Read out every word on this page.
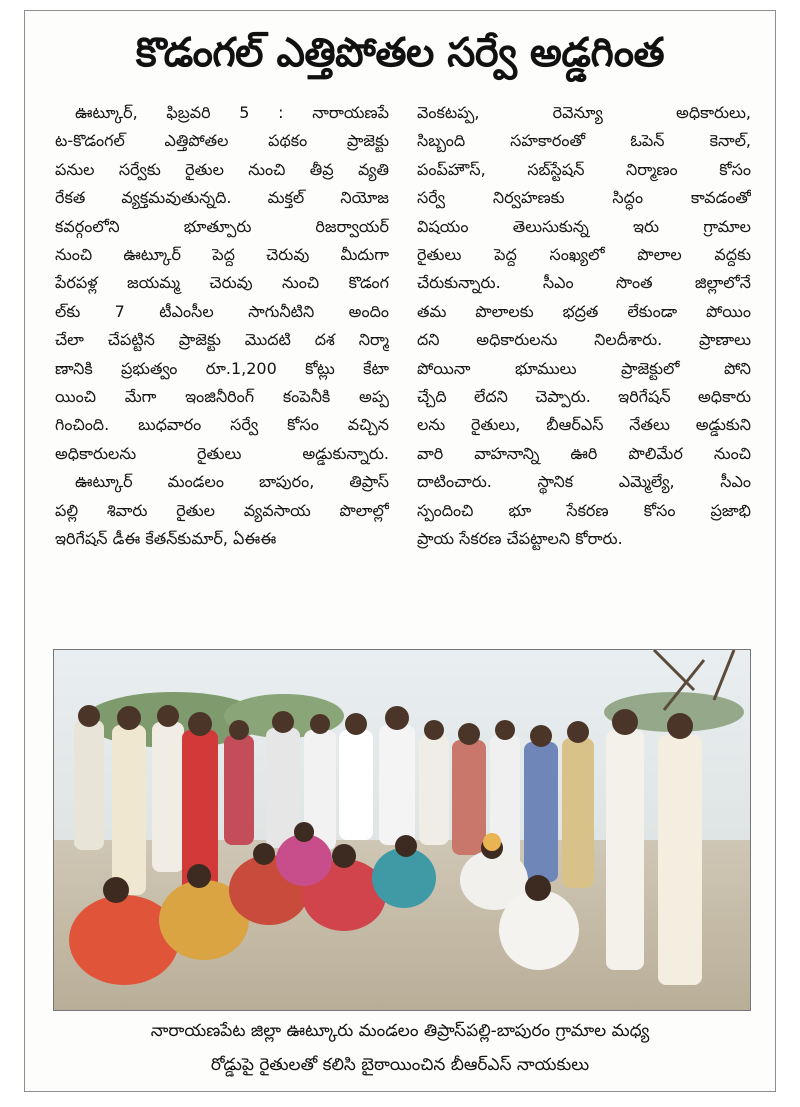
కొడంగల్ ఎత్తిపోతల సర్వే అడ్డగింత
ఊట్కూర్, ఫిబ్రవరి 5 : నారాయణపే
ట-కొడంగల్ ఎత్తిపోతల పథకం ప్రాజెక్టు
పనుల సర్వేకు రైతుల నుంచి తీవ్ర వ్యతి
రేకత వ్యక్తమవుతున్నది. మక్తల్ నియోజ
కవర్గంలోని భూత్పూరు రిజర్వాయర్
నుంచి ఊట్కూర్ పెద్ద చెరువు మీదుగా
పేరపళ్ల జయమ్మ చెరువు నుంచి కొడంగ
ల్‌కు 7 టీఎంసీల సాగునీటిని అందిం
చేలా చేపట్టిన ప్రాజెక్టు మొదటి దశ నిర్మా
ణానికి ప్రభుత్వం రూ.1,200 కోట్లు కేటా
యించి మేగా ఇంజినీరింగ్ కంపెనీకి అప్ప
గించింది. బుధవారం సర్వే కోసం వచ్చిన
అధికారులను రైతులు అడ్డుకున్నారు.
ఊట్కూర్ మండలం బాపురం, తిప్రాస్
పల్లి శివారు రైతుల వ్యవసాయ పొలాల్లో
ఇరిగేషన్ డీఈ కేతన్‌కుమార్, ఏఈఈ
వెంకటప్ప, రెవెన్యూ అధికారులు,
సిబ్బంది సహకారంతో ఓపెన్ కెనాల్,
పంప్‌హౌస్, సబ్‌స్టేషన్ నిర్మాణం కోసం
సర్వే నిర్వహణకు సిద్ధం కావడంతో
విషయం తెలుసుకున్న ఇరు గ్రామాల
రైతులు పెద్ద సంఖ్యలో పొలాల వద్దకు
చేరుకున్నారు. సీఎం సొంత జిల్లాలోనే
తమ పొలాలకు భద్రత లేకుండా పోయిం
దని అధికారులను నిలదీశారు. ప్రాణాలు
పోయినా భూములు ప్రాజెక్టులో పోని
చ్చేది లేదని చెప్పారు. ఇరిగేషన్ అధికారు
లను రైతులు, బీఆర్‌ఎస్ నేతలు అడ్డుకుని
వారి వాహనాన్ని ఊరి పొలిమేర నుంచి
దాటించారు. స్థానిక ఎమ్మెల్యే, సీఎం
స్పందించి భూ సేకరణ కోసం ప్రజాభి
ప్రాయ సేకరణ చేపట్టాలని కోరారు.
నారాయణపేట జిల్లా ఊట్కూరు మండలం తిప్రాస్‌పల్లి-బాపురం గ్రామాల మధ్య
రోడ్డుపై రైతులతో కలిసి బైఠాయించిన బీఆర్‌ఎస్ నాయకులు
